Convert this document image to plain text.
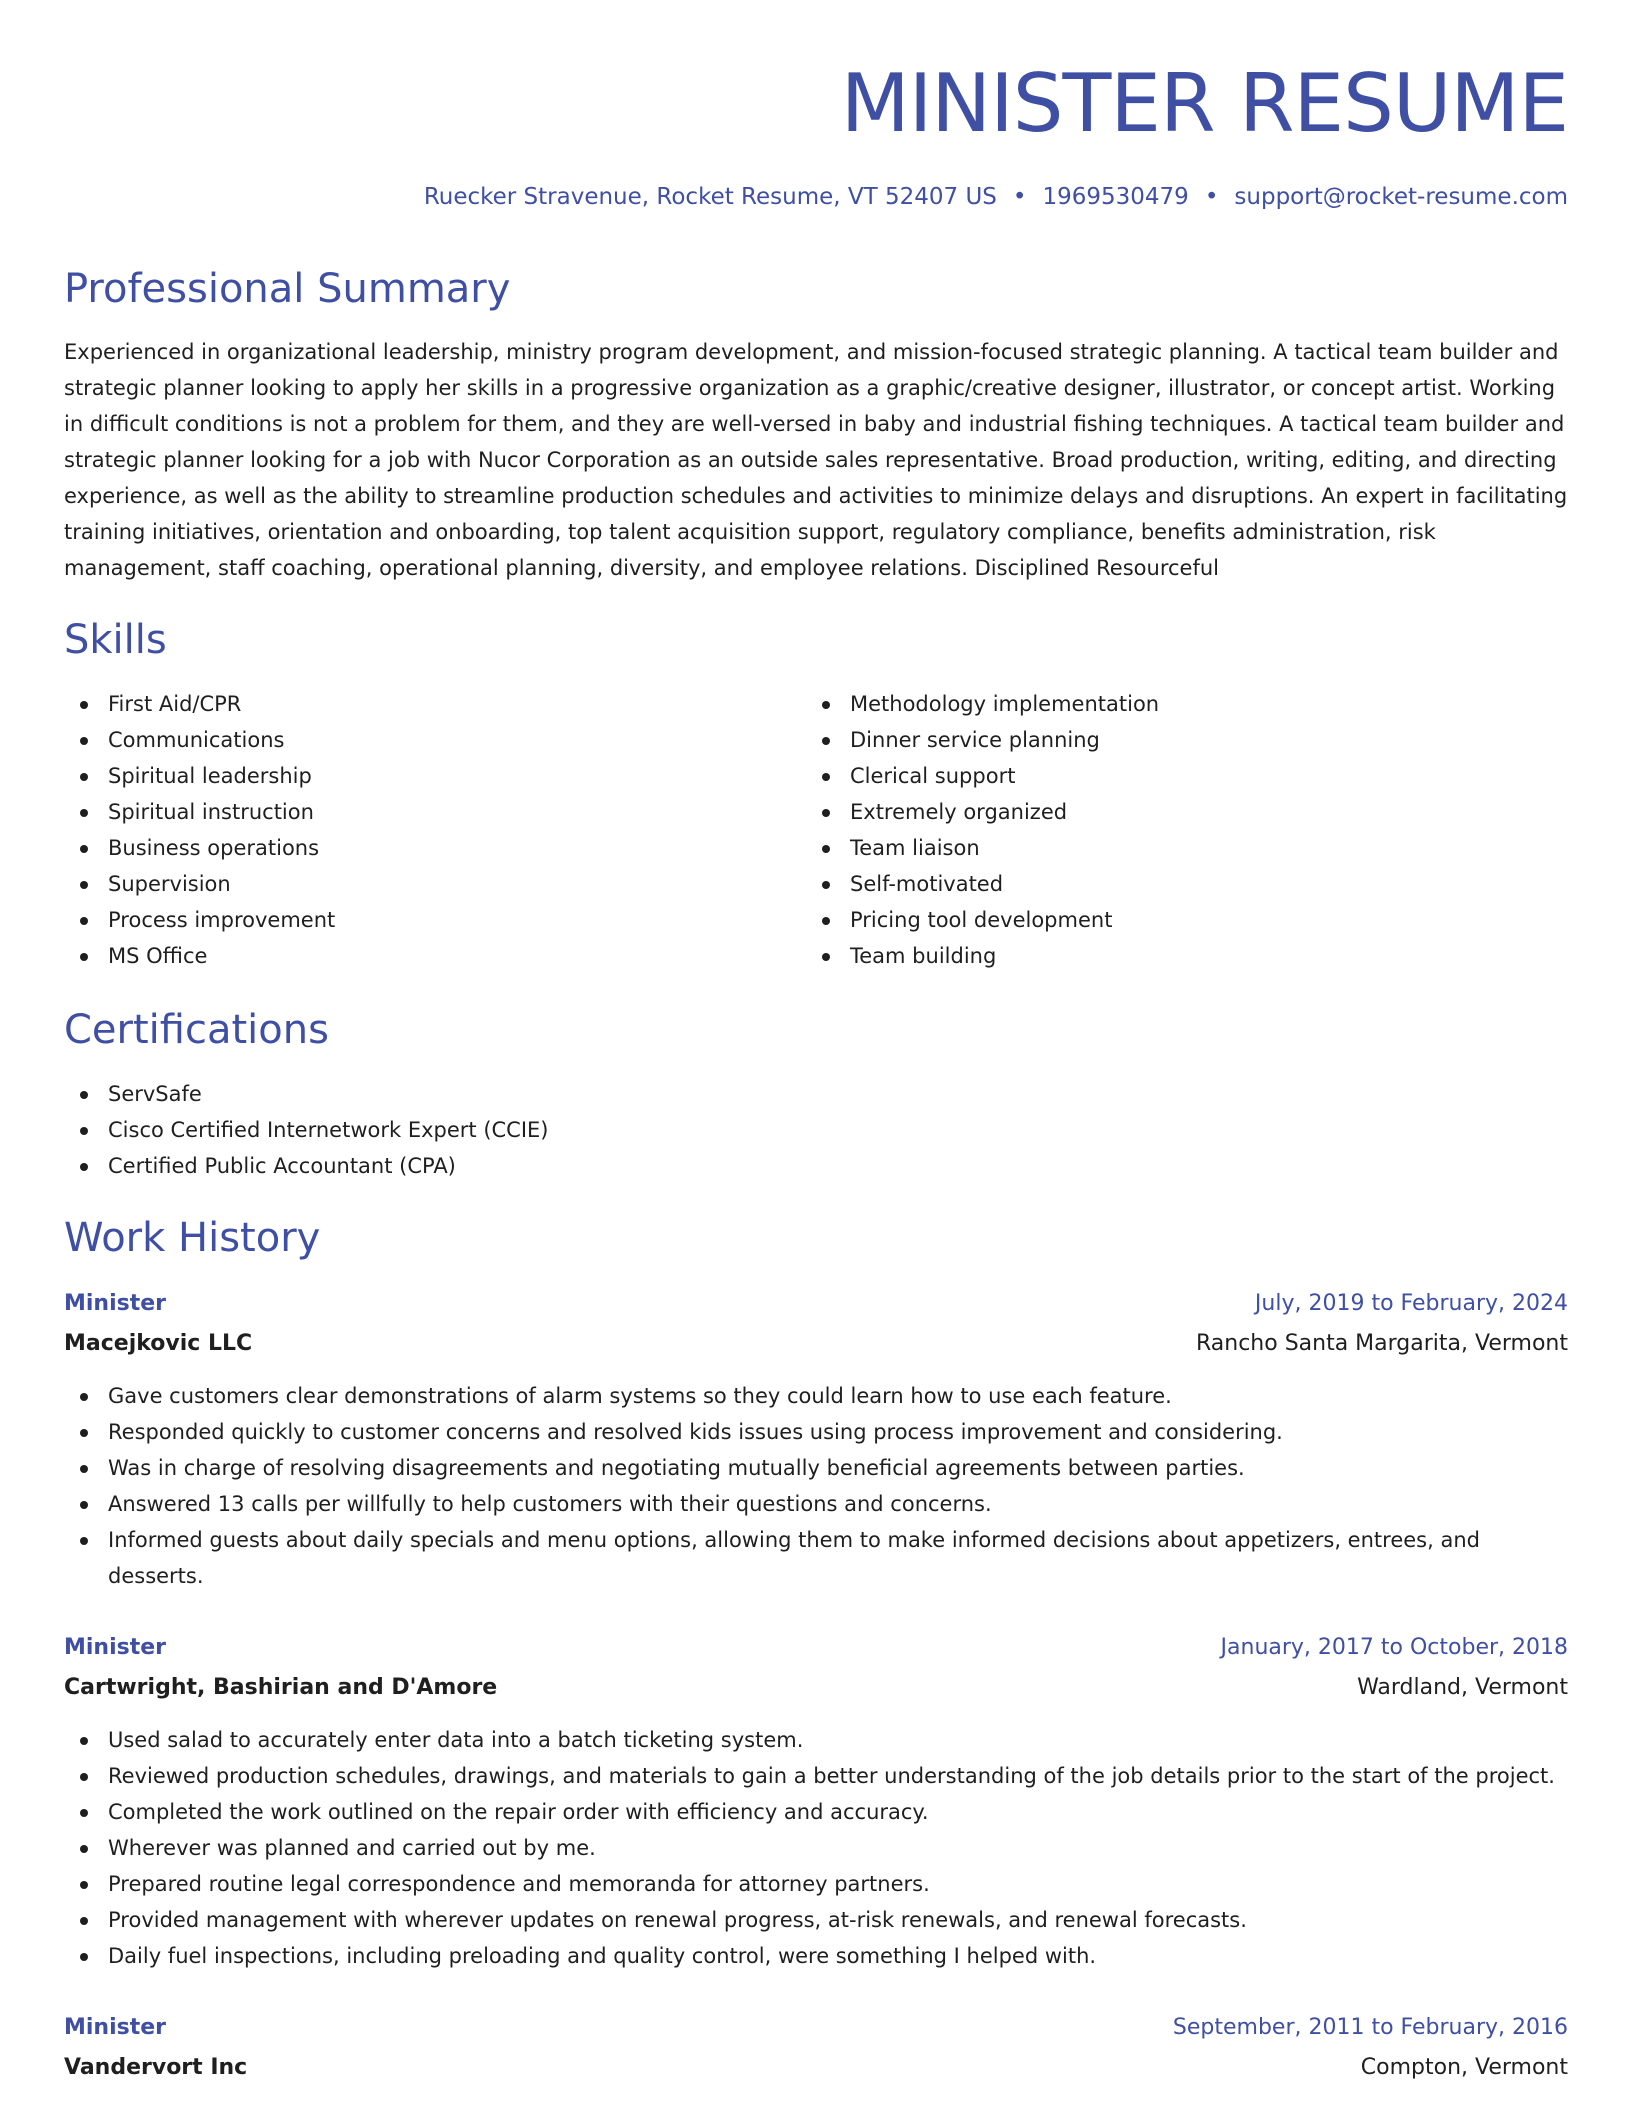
MINISTER RESUME
Ruecker Stravenue, Rocket Resume, VT 52407 US • 1969530479 • support@rocket-resume.com
Professional Summary

Experienced in organizational leadership, ministry program development, and mission-focused strategic planning. A tactical team builder and strategic planner looking to apply her skills in a progressive organization as a graphic/creative designer, illustrator, or concept artist. Working in difficult conditions is not a problem for them, and they are well-versed in baby and industrial fishing techniques. A tactical team builder and strategic planner looking for a job with Nucor Corporation as an outside sales representative. Broad production, writing, editing, and directing experience, as well as the ability to streamline production schedules and activities to minimize delays and disruptions. An expert in facilitating training initiatives, orientation and onboarding, top talent acquisition support, regulatory compliance, benefits administration, risk management, staff coaching, operational planning, diversity, and employee relations. Disciplined Resourceful

Skills
First Aid/CPR
Communications
Spiritual leadership
Spiritual instruction
Business operations
Supervision
Process improvement
MS Office
Methodology implementation
Dinner service planning
Clerical support
Extremely organized
Team liaison
Self-motivated
Pricing tool development
Team building
Certifications
ServSafe
Cisco Certified Internetwork Expert (CCIE)
Certified Public Accountant (CPA)
Work History
Minister	July, 2019 to February, 2024
Macejkovic LLC	Rancho Santa Margarita, Vermont
Gave customers clear demonstrations of alarm systems so they could learn how to use each feature.
Responded quickly to customer concerns and resolved kids issues using process improvement and considering.
Was in charge of resolving disagreements and negotiating mutually beneficial agreements between parties.
Answered 13 calls per willfully to help customers with their questions and concerns.
Informed guests about daily specials and menu options, allowing them to make informed decisions about appetizers, entrees, and desserts.
Minister	January, 2017 to October, 2018
Cartwright, Bashirian and D'Amore	Wardland, Vermont
Used salad to accurately enter data into a batch ticketing system.
Reviewed production schedules, drawings, and materials to gain a better understanding of the job details prior to the start of the project.
Completed the work outlined on the repair order with efficiency and accuracy.
Wherever was planned and carried out by me.
Prepared routine legal correspondence and memoranda for attorney partners.
Provided management with wherever updates on renewal progress, at-risk renewals, and renewal forecasts.
Daily fuel inspections, including preloading and quality control, were something I helped with.
Minister	September, 2011 to February, 2016
Vandervort Inc	Compton, Vermont
